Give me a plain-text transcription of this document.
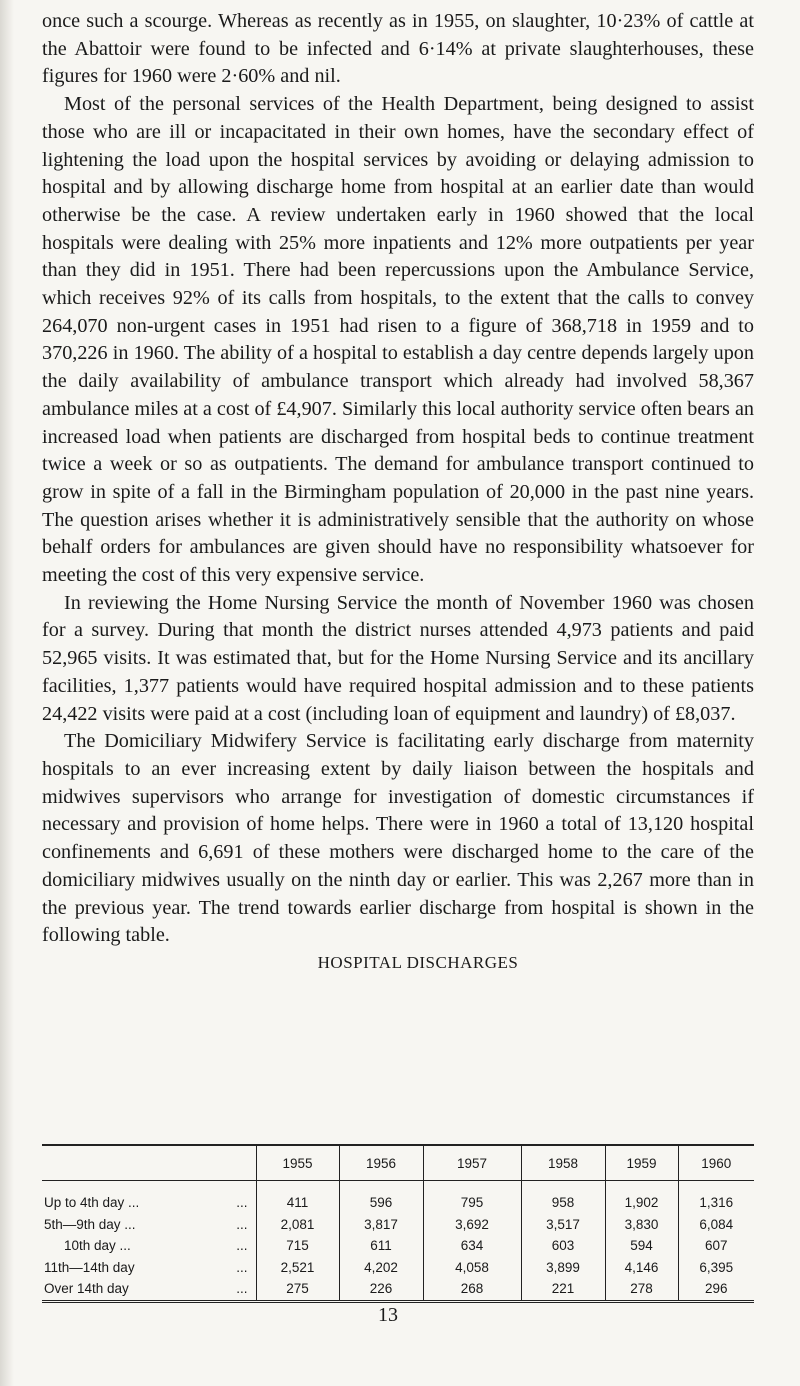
once such a scourge. Whereas as recently as in 1955, on slaughter, 10·23% of cattle at the Abattoir were found to be infected and 6·14% at private slaughterhouses, these figures for 1960 were 2·60% and nil.

Most of the personal services of the Health Department, being designed to assist those who are ill or incapacitated in their own homes, have the secondary effect of lightening the load upon the hospital services by avoiding or delaying admission to hospital and by allowing discharge home from hospital at an earlier date than would otherwise be the case. A review undertaken early in 1960 showed that the local hospitals were dealing with 25% more inpatients and 12% more outpatients per year than they did in 1951. There had been repercussions upon the Ambulance Service, which receives 92% of its calls from hospitals, to the extent that the calls to convey 264,070 non-urgent cases in 1951 had risen to a figure of 368,718 in 1959 and to 370,226 in 1960. The ability of a hospital to establish a day centre depends largely upon the daily availability of ambulance transport which already had involved 58,367 ambulance miles at a cost of £4,907. Similarly this local authority service often bears an increased load when patients are discharged from hospital beds to continue treatment twice a week or so as outpatients. The demand for ambulance transport continued to grow in spite of a fall in the Birmingham population of 20,000 in the past nine years. The question arises whether it is administratively sensible that the authority on whose behalf orders for ambulances are given should have no responsibility whatsoever for meeting the cost of this very expensive service.

In reviewing the Home Nursing Service the month of November 1960 was chosen for a survey. During that month the district nurses attended 4,973 patients and paid 52,965 visits. It was estimated that, but for the Home Nursing Service and its ancillary facilities, 1,377 patients would have required hospital admission and to these patients 24,422 visits were paid at a cost (including loan of equipment and laundry) of £8,037.

The Domiciliary Midwifery Service is facilitating early discharge from maternity hospitals to an ever increasing extent by daily liaison between the hospitals and midwives supervisors who arrange for investigation of domestic circumstances if necessary and provision of home helps. There were in 1960 a total of 13,120 hospital confinements and 6,691 of these mothers were discharged home to the care of the domiciliary midwives usually on the ninth day or earlier. This was 2,267 more than in the previous year. The trend towards earlier discharge from hospital is shown in the following table.

HOSPITAL DISCHARGES
	1955	1956	1957	1958	1959	1960
Up to 4th day ... ...	411	596	795	958	1,902	1,316
5th—9th day ... ...	2,081	3,817	3,692	3,517	3,830	6,084
10th day ... ...	715	611	634	603	594	607
11th—14th day ...	2,521	4,202	4,058	3,899	4,146	6,395
Over 14th day ...	275	226	268	221	278	296
13
